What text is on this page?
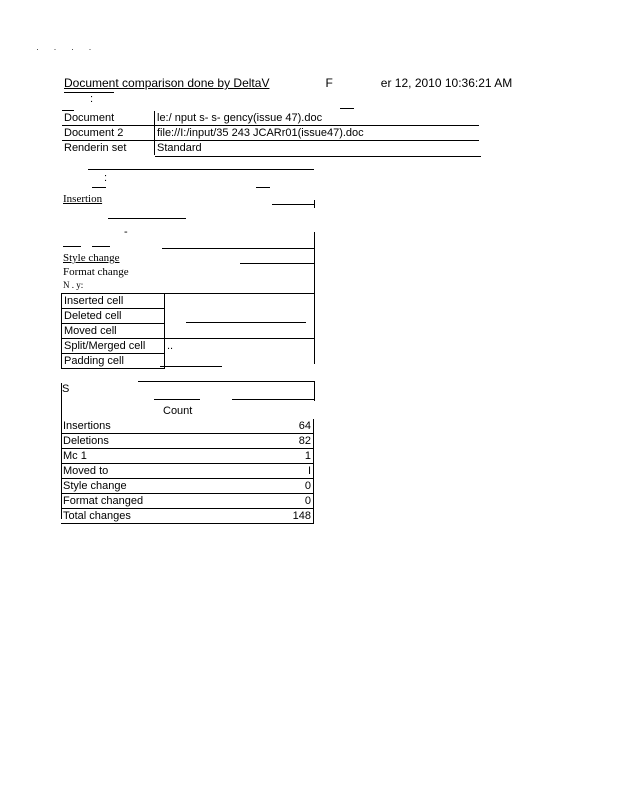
· · · ·
Document comparison done by DeltaV	F	er 12, 2010 10:36:21 AM
:
Document	le:/ nput s- s- gency(issue 47).doc
Document 2	file://I:/input/35 243 JCARr01(issue47).doc
Renderin set	Standard
:
Insertion
-
Style change
Format change
N . y:
Inserted cell	
Deleted cell	
Moved cell	
Split/Merged cell	..
Padding cell	
S
	Count
Insertions	64
Deletions	82
Mc 1	1
Moved to	I
Style change	0
Format changed	0
Total changes	148
